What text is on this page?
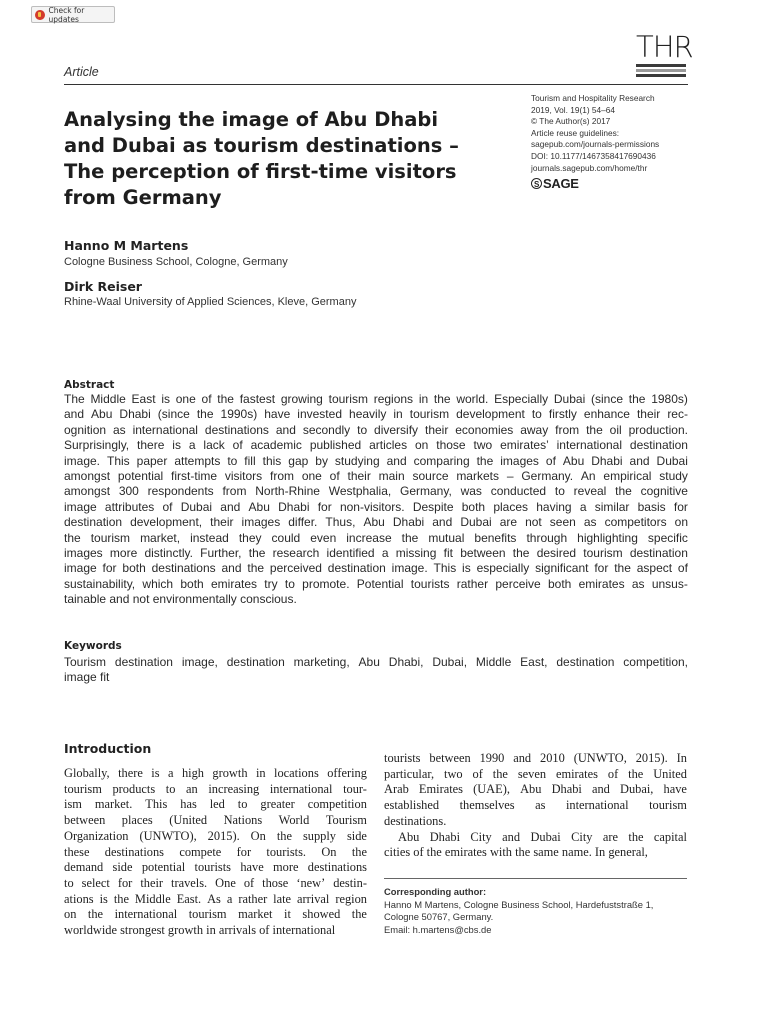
Check for updates
THR
Article
Analysing the image of Abu Dhabi
and Dubai as tourism destinations –
The perception of first-time visitors
from Germany
Tourism and Hospitality Research
2019, Vol. 19(1) 54–64
© The Author(s) 2017
Article reuse guidelines:
sagepub.com/journals-permissions
DOI: 10.1177/1467358417690436
journals.sagepub.com/home/thr
S SAGE
Hanno M Martens
Cologne Business School, Cologne, Germany
Dirk Reiser
Rhine-Waal University of Applied Sciences, Kleve, Germany
Abstract
The Middle East is one of the fastest growing tourism regions in the world. Especially Dubai (since the 1980s)
and Abu Dhabi (since the 1990s) have invested heavily in tourism development to firstly enhance their rec-
ognition as international destinations and secondly to diversify their economies away from the oil production.
Surprisingly, there is a lack of academic published articles on those two emirates’ international destination
image. This paper attempts to fill this gap by studying and comparing the images of Abu Dhabi and Dubai
amongst potential first-time visitors from one of their main source markets – Germany. An empirical study
amongst 300 respondents from North-Rhine Westphalia, Germany, was conducted to reveal the cognitive
image attributes of Dubai and Abu Dhabi for non-visitors. Despite both places having a similar basis for
destination development, their images differ. Thus, Abu Dhabi and Dubai are not seen as competitors on
the tourism market, instead they could even increase the mutual benefits through highlighting specific
images more distinctly. Further, the research identified a missing fit between the desired tourism destination
image for both destinations and the perceived destination image. This is especially significant for the aspect of
sustainability, which both emirates try to promote. Potential tourists rather perceive both emirates as unsus-
tainable and not environmentally conscious.
Keywords
Tourism destination image, destination marketing, Abu Dhabi, Dubai, Middle East, destination competition,
image fit
Introduction
Globally, there is a high growth in locations offering
tourism products to an increasing international tour-
ism market. This has led to greater competition
between places (United Nations World Tourism
Organization (UNWTO), 2015). On the supply side
these destinations compete for tourists. On the
demand side potential tourists have more destinations
to select for their travels. One of those ‘new’ destin-
ations is the Middle East. As a rather late arrival region
on the international tourism market it showed the
worldwide strongest growth in arrivals of international
tourists between 1990 and 2010 (UNWTO, 2015). In
particular, two of the seven emirates of the United
Arab Emirates (UAE), Abu Dhabi and Dubai, have
established themselves as international tourism
destinations.
Abu Dhabi City and Dubai City are the capital
cities of the emirates with the same name. In general,
Corresponding author:
Hanno M Martens, Cologne Business School, Hardefuststraße 1,
Cologne 50767, Germany.
Email: h.martens@cbs.de
